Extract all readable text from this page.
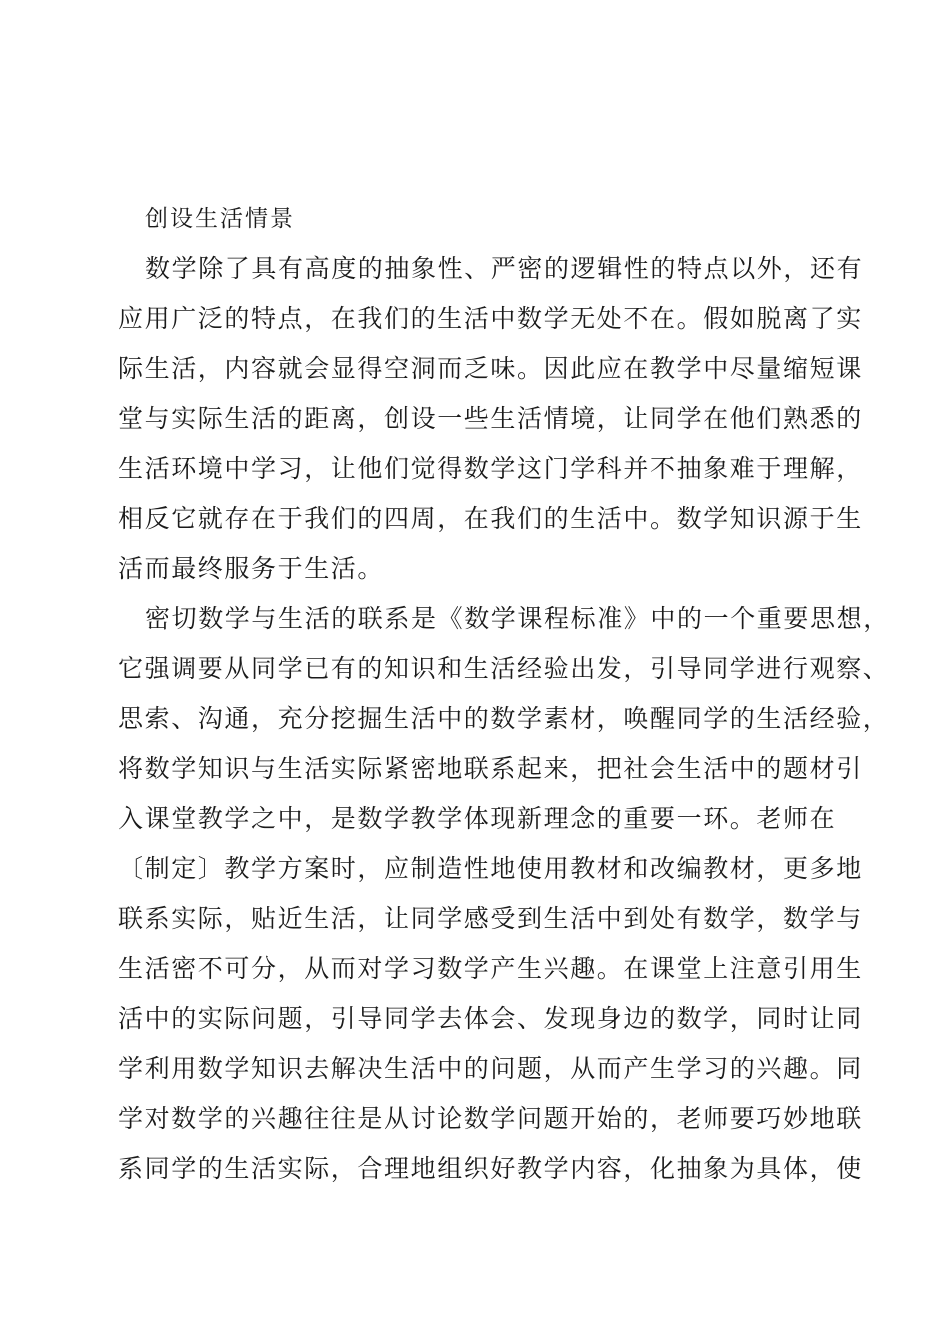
创设生活情景
数学除了具有高度的抽象性、严密的逻辑性的特点以外，还有
应用广泛的特点，在我们的生活中数学无处不在。假如脱离了实
际生活，内容就会显得空洞而乏味。因此应在教学中尽量缩短课
堂与实际生活的距离，创设一些生活情境，让同学在他们熟悉的
生活环境中学习，让他们觉得数学这门学科并不抽象难于理解，
相反它就存在于我们的四周，在我们的生活中。数学知识源于生
活而最终服务于生活。
密切数学与生活的联系是《数学课程标准》中的一个重要思想，
它强调要从同学已有的知识和生活经验出发，引导同学进行观察、
思索、沟通，充分挖掘生活中的数学素材，唤醒同学的生活经验，
将数学知识与生活实际紧密地联系起来，把社会生活中的题材引
入课堂教学之中，是数学教学体现新理念的重要一环。老师在
〔制定〕教学方案时，应制造性地使用教材和改编教材，更多地
联系实际，贴近生活，让同学感受到生活中到处有数学，数学与
生活密不可分，从而对学习数学产生兴趣。在课堂上注意引用生
活中的实际问题，引导同学去体会、发现身边的数学，同时让同
学利用数学知识去解决生活中的问题，从而产生学习的兴趣。同
学对数学的兴趣往往是从讨论数学问题开始的，老师要巧妙地联
系同学的生活实际，合理地组织好教学内容，化抽象为具体，使
